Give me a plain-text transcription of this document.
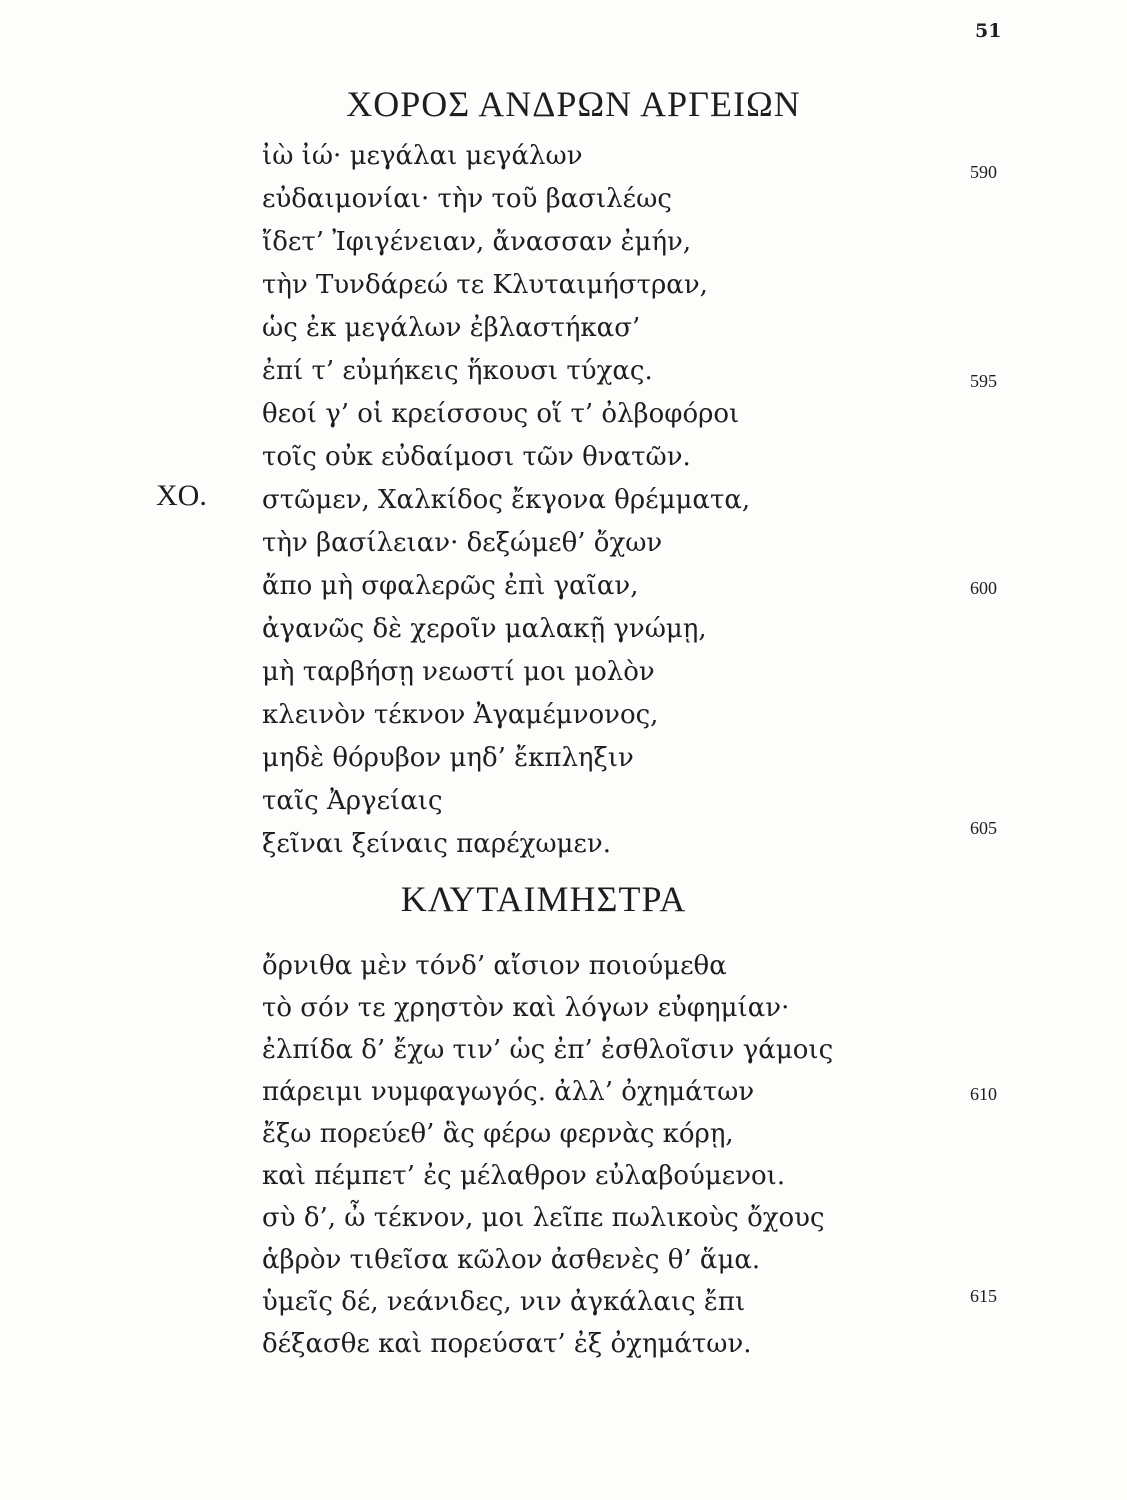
51
ΧΟΡΟΣ ΑΝΔΡΩΝ ΑΡΓΕΙΩΝ
ΧΟ.
ἰὼ ἰώ· μεγάλαι μεγάλων
εὐδαιμονίαι· τὴν τοῦ βασιλέως
ἴδετ’ Ἰφιγένειαν, ἄνασσαν ἐμήν,
τὴν Τυνδάρεώ τε Κλυταιμήστραν,
ὡς ἐκ μεγάλων ἐβλαστήκασ’
ἐπί τ’ εὐμήκεις ἥκουσι τύχας.
θεοί γ’ οἱ κρείσσους οἵ τ’ ὀλβοφόροι
τοῖς οὐκ εὐδαίμοσι τῶν θνατῶν.
στῶμεν, Χαλκίδος ἔκγονα θρέμματα,
τὴν βασίλειαν· δεξώμεθ’ ὄχων
ἄπο μὴ σφαλερῶς ἐπὶ γαῖαν,
ἀγανῶς δὲ χεροῖν μαλακῇ γνώμῃ,
μὴ ταρβήσῃ νεωστί μοι μολὸν
κλεινὸν τέκνον Ἀγαμέμνονος,
μηδὲ θόρυβον μηδ’ ἔκπληξιν
ταῖς Ἀργείαις
ξεῖναι ξείναις παρέχωμεν.
590
595
600
605
ΚΛΥΤΑΙΜΗΣΤΡΑ
ὄρνιθα μὲν τόνδ’ αἴσιον ποιούμεθα
τὸ σόν τε χρηστὸν καὶ λόγων εὐφημίαν·
ἐλπίδα δ’ ἔχω τιν’ ὡς ἐπ’ ἐσθλοῖσιν γάμοις
πάρειμι νυμφαγωγός. ἀλλ’ ὀχημάτων
ἔξω πορεύεθ’ ἃς φέρω φερνὰς κόρῃ,
καὶ πέμπετ’ ἐς μέλαθρον εὐλαβούμενοι.
σὺ δ’, ὦ τέκνον, μοι λεῖπε πωλικοὺς ὄχους
ἁβρὸν τιθεῖσα κῶλον ἀσθενὲς θ’ ἅμα.
ὑμεῖς δέ, νεάνιδες, νιν ἀγκάλαις ἔπι
δέξασθε καὶ πορεύσατ’ ἐξ ὀχημάτων.
610
615
